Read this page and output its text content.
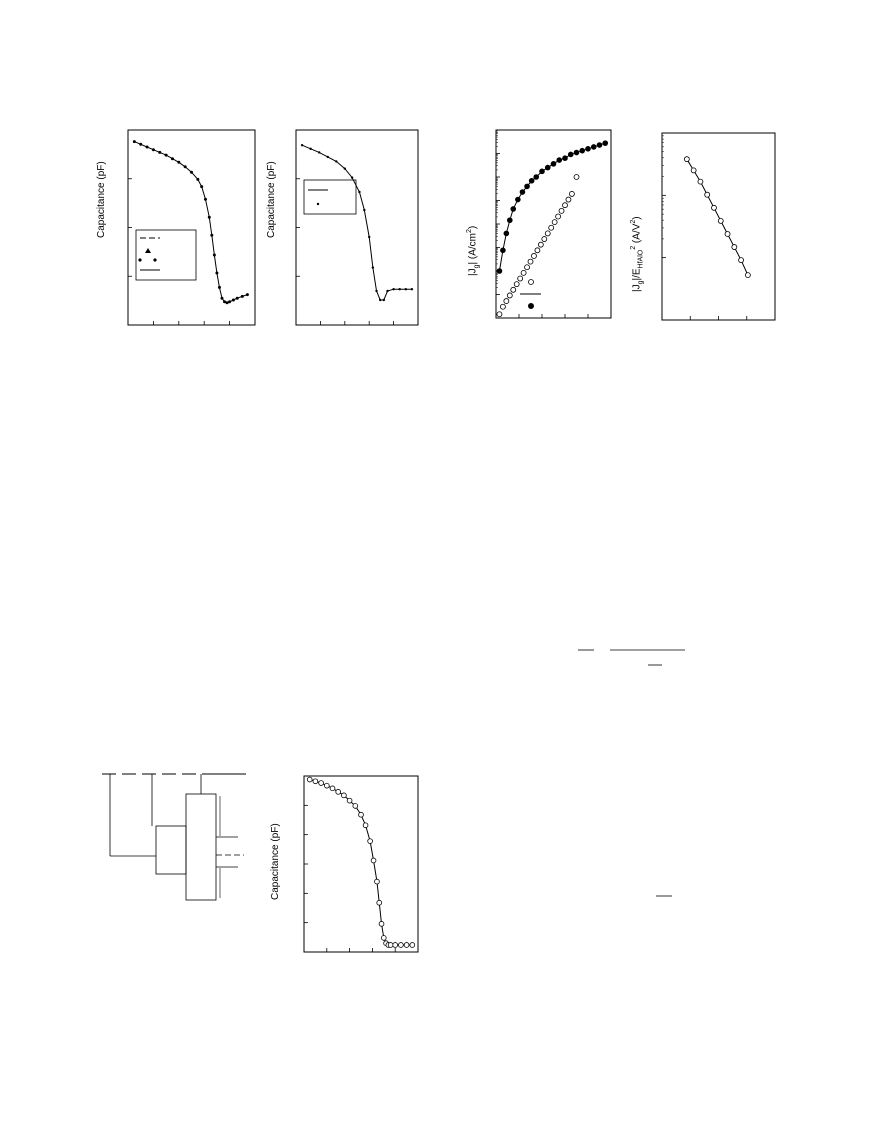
Capacitance (pF)	Capacitance (pF)
$|J_g|$ $(A/cm^2)$
$|J_g|/E_{HfAlO}^2$ $(A/V^2)$
Capacitance (pF)
